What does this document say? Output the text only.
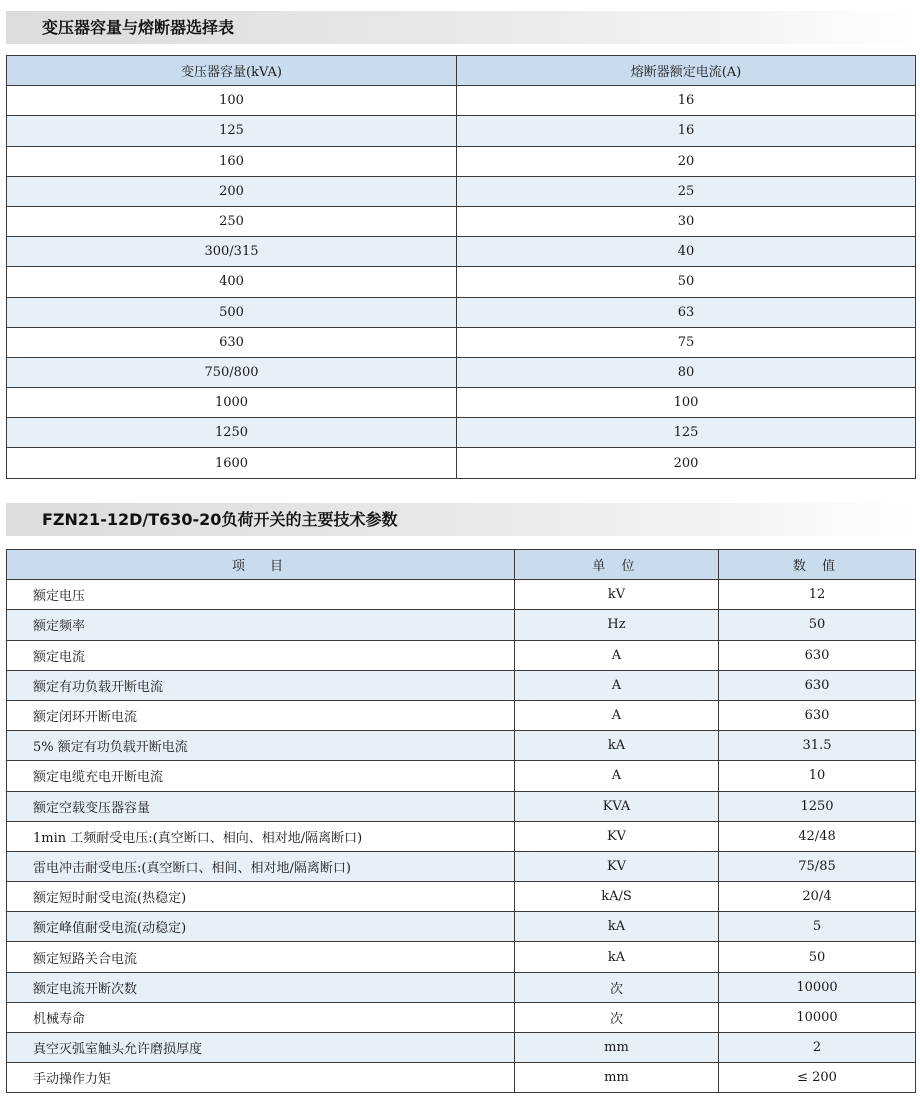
变压器容量与熔断器选择表
变压器容量(kVA)	熔断器额定电流(A)
100	16
125	16
160	20
200	25
250	30
300/315	40
400	50
500	63
630	75
750/800	80
1000	100
1250	125
1600	200
FZN21-12D/T630-20负荷开关的主要技术参数
项　目	单 位	数 值
额定电压	kV	12
额定频率	Hz	50
额定电流	A	630
额定有功负载开断电流	A	630
额定闭环开断电流	A	630
5% 额定有功负载开断电流	kA	31.5
额定电缆充电开断电流	A	10
额定空载变压器容量	KVA	1250
1min 工频耐受电压:(真空断口、相向、相对地/隔离断口)	KV	42/48
雷电冲击耐受电压:(真空断口、相间、相对地/隔离断口)	KV	75/85
额定短时耐受电流(热稳定)	kA/S	20/4
额定峰值耐受电流(动稳定)	kA	5
额定短路关合电流	kA	50
额定电流开断次数	次	10000
机械寿命	次	10000
真空灭弧室触头允许磨损厚度	mm	2
手动操作力矩	mm	≤ 200
